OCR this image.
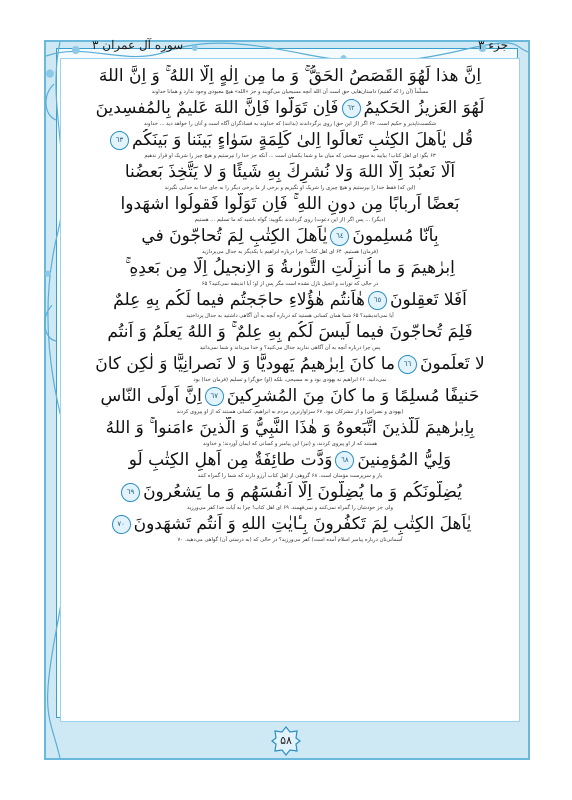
جزء ۳
سوره آل عمران ۳
اِنَّ هذا لَهُوَ القَصَصُ الحَقُّ ۚ وَ ما مِن اِلٰهٍ اِلَّا اللهُ ۚ وَ اِنَّ اللهَ
مسلّماً (آن را که گفتیم) داستان‌هایی حق است آن الله آنچه مسیحیان می‌گویند و جز «الله» هیچ معبودی وجود ندارد و همانا خداوند
لَهُوَ العَزيزُ الحَكيمُ٦٢فَاِن تَوَلَّوا فَاِنَّ اللهَ عَليمٌ بِالمُفسِدينَ
شکست‌ناپذیر و حکیم است. ۶۲ اگر (از این حق) روی برگرداندند (بدانند) که خداوند به فسادگران آگاه است و آنان را خواهد دید ... خداوند
قُل يٰاَهلَ الكِتٰبِ تَعالَوا اِلیٰ كَلِمَةٍ سَوٰاءٍ بَينَنا وَ بَينَكُم٦٣
۶۳ بگو: ای اهل کتاب! بیایید به سوی سخنی که میان ما و شما یکسان است ... آنکه جز خدا را نپرستیم و هیچ چیز را شریک او قرار ندهیم
اَلّا نَعبُدَ اِلَّا اللهَ وَلا نُشرِكَ بِهِ شَيئًا وَ لا يَتَّخِذَ بَعضُنا
(این که) فقط خدا را بپرستیم و هیچ چیزی را شریک او نگیریم و برخی از ما برخی دیگر را به جای خدا به خدایی نگیرند
بَعضًا اَربابًا مِن دونِ اللهِ ۚ فَاِن تَوَلَّوا فَقولُوا اشهَدوا
(دیگر) ... پس اگر (از این دعوت) روی گرداندند بگویید: گواه باشید که ما تسلیم ... هستیم
بِاَنّا مُسلِمونَ٦٤يٰاَهلَ الكِتٰبِ لِمَ تُحاجّونَ في
(فرمان) هستیم. ۶۴ ای اهل کتاب! چرا درباره ابراهیم با یکدیگر به جدال می‌پردازید
اِبرٰهيمَ وَ ما اُنزِلَتِ التَّورٰىةُ وَ الاِنجيلُ اِلّا مِن بَعدِهِ ۚ
در حالی که تورات و انجیل نازل نشده است مگر پس از او؛ آیا اندیشه نمی‌کنید؟ ۶۵
اَفَلا تَعقِلونَ٦٥هٰاَنتُم هٰؤُلاءِ حاجَجتُم فيما لَكُم بِهِ عِلمٌ
آیا نمی‌اندیشید؟ ۶۵ شما همان کسانی هستید که درباره آنچه به آن آگاهی داشتید به جدال پرداختید
فَلِمَ تُحاجّونَ فيما لَيسَ لَكُم بِهِ عِلمٌ ۚ وَ اللهُ يَعلَمُ وَ اَنتُم
پس چرا درباره آنچه به آن آگاهی ندارید جدال می‌کنید؟ و خدا می‌داند و شما نمی‌دانید
لا تَعلَمونَ٦٦ما كانَ اِبرٰهيمُ يَهوديًّا وَ لا نَصرانِيًّا وَ لٰكِن كانَ
نمی‌دانید. ۶۶ ابراهیم نه یهودی بود و نه مسیحی، بلکه (او) حق‌گرا و تسلیم (فرمان خدا) بود
حَنيفًا مُسلِمًا وَ ما كانَ مِنَ المُشرِكينَ٦٧اِنَّ اَولَى النّاسِ
(یهودی و نصرانی) و از مشرکان نبود. ۶۷ سزاوارترین مردم به ابراهیم، کسانی هستند که از او پیروی کردند
بِاِبرٰهيمَ لَلَّذينَ اتَّبَعوهُ وَ هٰذَا النَّبِيُّ وَ الَّذينَ ءامَنوا ۚ وَ اللهُ
هستند که از او پیروی کردند، و (نیز) این پیامبر و کسانی که ایمان آوردند؛ و خداوند
وَلِيُّ المُؤمِنينَ٦٨وَدَّت طائِفَةٌ مِن اَهلِ الكِتٰبِ لَو
یار و سرپرست مؤمنان است. ۶۸ گروهی از اهل کتاب آرزو دارند که شما را گمراه کنند
يُضِلّونَكُم وَ ما يُضِلّونَ اِلّا اَنفُسَهُم وَ ما يَشعُرونَ٦٩
ولی جز خودشان را گمراه نمی‌کنند و نمی‌فهمند. ۶۹ ای اهل کتاب! چرا به آیات خدا کفر می‌ورزید
يٰاَهلَ الكِتٰبِ لِمَ تَكفُرونَ بِـٔايٰتِ اللهِ وَ اَنتُم تَشهَدونَ٧٠
آسمانی‌تان درباره پیامبر اسلام آمده است) کفر می‌ورزید؟ در حالی که (به درستی آن) گواهی می‌دهید. ۷۰
۵۸
